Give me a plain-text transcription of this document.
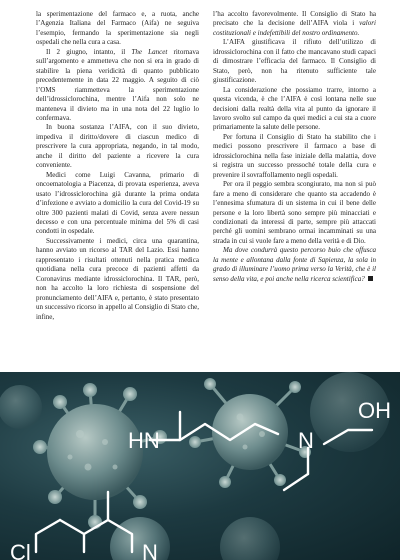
la sperimentazione del farmaco e, a ruota, anche l’Agenzia Italiana del Farmaco (Aifa) ne seguiva l’esempio, fermando la sperimentazione sia negli ospedali che nella cura a casa.

Il 2 giugno, intanto, il The Lancet ritornava sull’argomento e ammetteva che non si era in grado di stabilire la piena veridicità di quanto pubblicato precedentemente in data 22 maggio. A seguito di ciò l’OMS riammetteva la sperimentazione dell’idrossiclorochina, mentre l’Aifa non solo ne manteneva il divieto ma in una nota del 22 luglio lo confermava.

In buona sostanza l’AIFA, con il suo divieto, impediva il diritto/dovere di ciascun medico di prescrivere la cura appropriata, negando, in tal modo, anche il diritto del paziente a ricevere la cura conveniente.

Medici come Luigi Cavanna, primario di oncoematologia a Piacenza, di provata esperienza, aveva usato l’idrossiclorochina già durante la prima ondata d’infezione e avviato a domicilio la cura del Covid-19 su oltre 300 pazienti malati di Covid, senza avere nessun decesso e con una percentuale minima del 5% di casi condotti in ospedale.

Successivamente i medici, circa una quarantina, hanno avviato un ricorso al TAR del Lazio. Essi hanno rappresentato i risultati ottenuti nella pratica medica quotidiana nella cura precoce di pazienti affetti da Coronavirus mediante idrossiclorochina. Il TAR, però, non ha accolto la loro richiesta di sospensione del pronunciamento dell’AIFA e, pertanto, è stato presentato un successivo ricorso in appello al Consiglio di Stato che, infine,

l’ha accolto favorevolmente. Il Consiglio di Stato ha precisato che la decisione dell’AIFA viola i valori costituzionali e indefettibili del nostro ordinamento.

L’AIFA giustificava il rifiuto dell’utilizzo di idrossiclorochina con il fatto che mancavano studi capaci di dimostrare l’efficacia del farmaco. Il Consiglio di Stato, però, non ha ritenuto sufficiente tale giustificazione.

La considerazione che possiamo trarre, intorno a questa vicenda, è che l’AIFA è così lontana nelle sue decisioni dalla realtà della vita al punto da ignorare il lavoro svolto sul campo da quei medici a cui sta a cuore primariamente la salute delle persone.

Per fortuna il Consiglio di Stato ha stabilito che i medici possono prescrivere il farmaco a base di idrossiclorochina nella fase iniziale della malattia, dove si registra un successo pressoché totale della cura e prevenire il sovraffollamento negli ospedali.

Per ora il peggio sembra scongiurato, ma non si può fare a meno di considerare che quanto sta accadendo è l’ennesima sfumatura di un sistema in cui il bene delle persone e la loro libertà sono sempre più minacciati e condizionati da interessi di parte, sempre più attaccati perché gli uomini sembrano ormai incamminati su una strada in cui si vuole fare a meno della verità e di Dio.

Ma dove condurrà questo percorso buio che offusca la mente e allontana dalla fonte di Sapienza, la sola in grado di illuminare l’uomo prima verso la Verità, che è il senso della vita, e poi anche nella ricerca scientifica?

OH
HN	N
N
Cl
